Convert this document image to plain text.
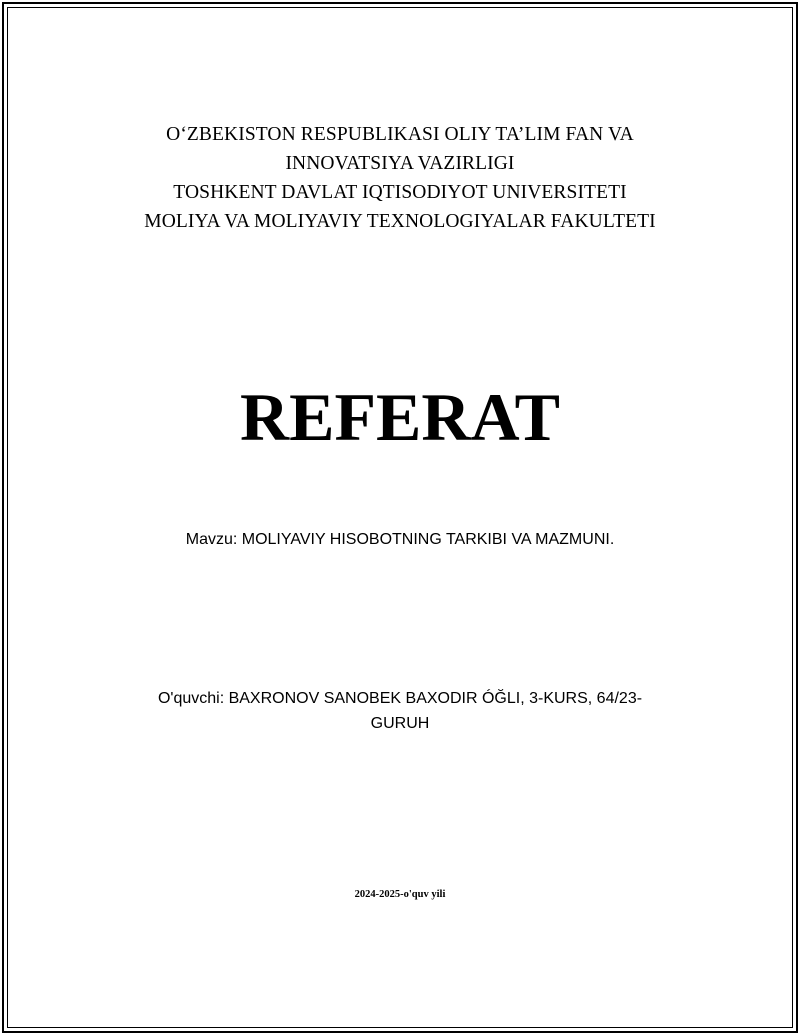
O‘ZBEKISTON RESPUBLIKASI OLIY TA’LIM FAN VA
INNOVATSIYA VAZIRLIGI
TOSHKENT DAVLAT IQTISODIYOT UNIVERSITETI
MOLIYA VA MOLIYAVIY TEXNOLOGIYALAR FAKULTETI
REFERAT
Mavzu: MOLIYAVIY HISOBOTNING TARKIBI VA MAZMUNI.
O'quvchi: BAXRONOV SANOBEK BAXODIR ÓĞLI, 3-KURS, 64/23-
GURUH
2024-2025-o'quv yili
